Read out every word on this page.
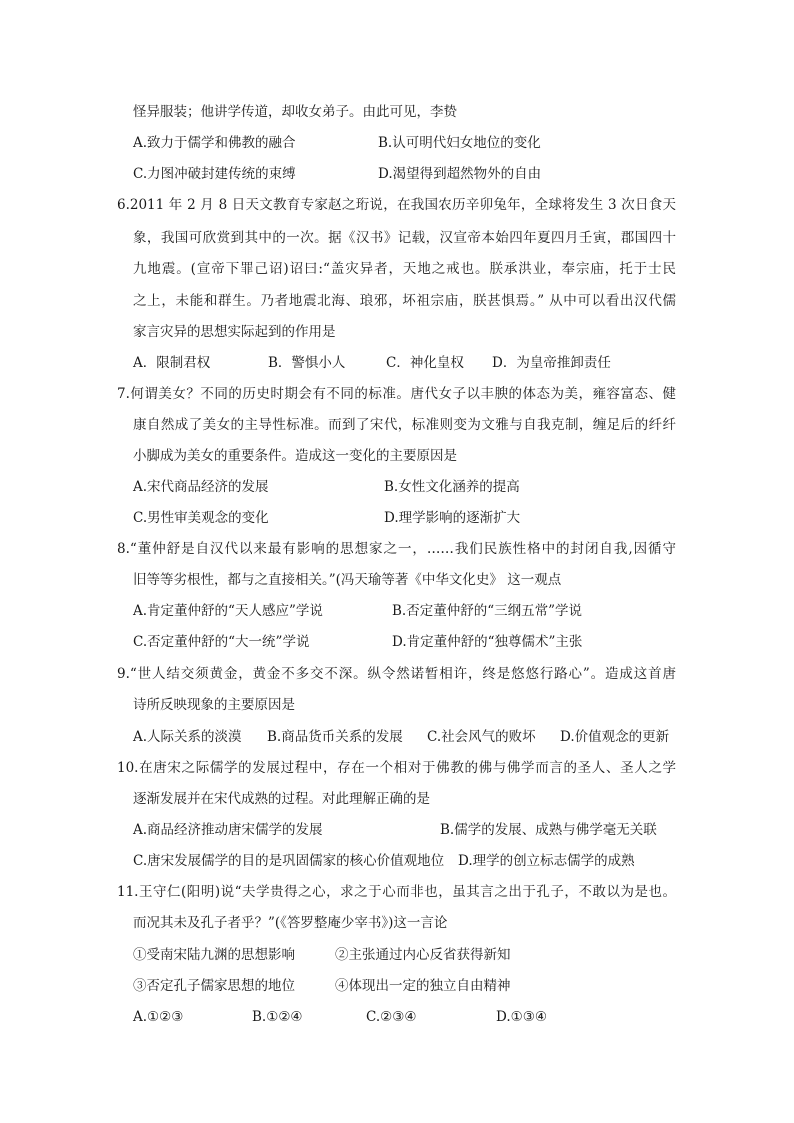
怪异服装；他讲学传道，却收女弟子。由此可见，李贽
A.致力于儒学和佛教的融合	B.认可明代妇女地位的变化
C.力图冲破封建传统的束缚	D.渴望得到超然物外的自由
6.2011 年 2 月 8 日天文教育专家赵之珩说，在我国农历辛卯兔年，全球将发生 3 次日食天
象，我国可欣赏到其中的一次。据《汉书》记载，汉宣帝本始四年夏四月壬寅，郡国四十
九地震。(宣帝下罪己诏)诏曰:“盖灾异者，天地之戒也。朕承洪业，奉宗庙，托于士民
之上，未能和群生。乃者地震北海、琅邪，坏祖宗庙，朕甚惧焉。” 从中可以看出汉代儒
家言灾异的思想实际起到的作用是
A．限制君权	B．警惧小人	C．神化皇权 D．为皇帝推卸责任
7.何谓美女？不同的历史时期会有不同的标准。唐代女子以丰腴的体态为美，雍容富态、健
康自然成了美女的主导性标准。而到了宋代，标准则变为文雅与自我克制，缠足后的纤纤
小脚成为美女的重要条件。造成这一变化的主要原因是
A.宋代商品经济的发展	B.女性文化涵养的提高
C.男性审美观念的变化	D.理学影响的逐渐扩大
8.“董仲舒是自汉代以来最有影响的思想家之一，……我们民族性格中的封闭自我,因循守
旧等等劣根性，都与之直接相关。”(冯天瑜等著《中华文化史》 这一观点
A.肯定董仲舒的“天人感应”学说	B.否定董仲舒的“三纲五常”学说
C.否定董仲舒的“大一统”学说	D.肯定董仲舒的“独尊儒术”主张
9.“世人结交须黄金，黄金不多交不深。纵令然诺暂相许，终是悠悠行路心”。造成这首唐
诗所反映现象的主要原因是
A.人际关系的淡漠 B.商品货币关系的发展 C.社会风气的败坏 D.价值观念的更新
10.在唐宋之际儒学的发展过程中，存在一个相对于佛教的佛与佛学而言的圣人、圣人之学
逐渐发展并在宋代成熟的过程。对此理解正确的是
A.商品经济推动唐宋儒学的发展	B.儒学的发展、成熟与佛学毫无关联
C.唐宋发展儒学的目的是巩固儒家的核心价值观地位 D.理学的创立标志儒学的成熟
11.王守仁(阳明)说“夫学贵得之心，求之于心而非也，虽其言之出于孔子，不敢以为是也。
而况其未及孔子者乎？”(《答罗整庵少宰书》)这一言论
①受南宋陆九渊的思想影响	②主张通过内心反省获得新知
③否定孔子儒家思想的地位	④体现出一定的独立自由精神
A.①②③	B.①②④	C.②③④	D.①③④
